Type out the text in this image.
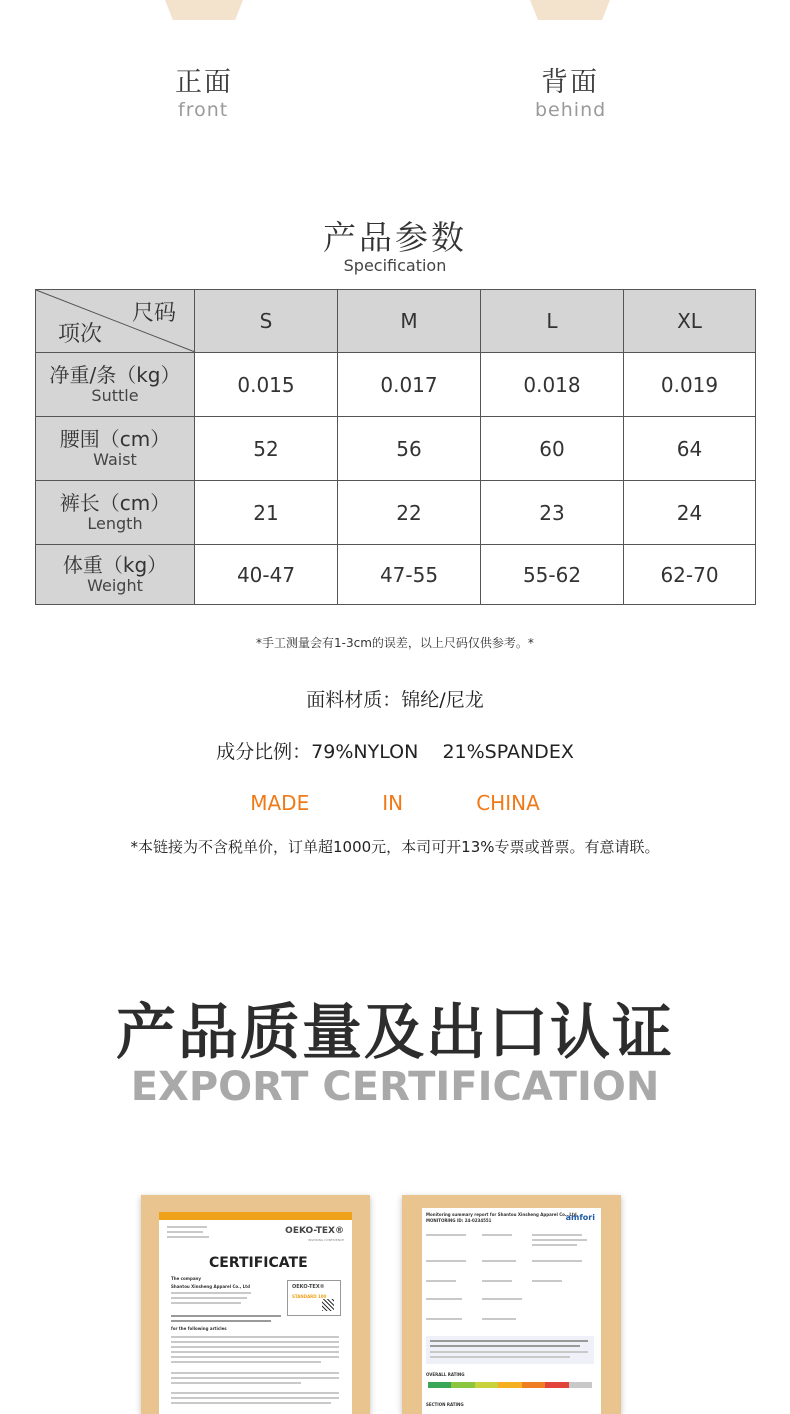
正面
front
背面
behind
产品参数
Specification
尺码
项次	S	M	L	XL

净重/条（kg）
Suttle	0.015	0.017	0.018	0.019

腰围（cm）
Waist	52	56	60	64

裤长（cm）
Length	21	22	23	24

体重（kg）
Weight	40-47	47-55	55-62	62-70
*手工测量会有1-3cm的误差，以上尺码仅供参考。*
面料材质：锦纶/尼龙
成分比例：79%NYLON    21%SPANDEX
MADE   IN   CHINA
*本链接为不含税单价，订单超1000元，本司可开13%专票或普票。有意请联。
产品质量及出口认证
EXPORT CERTIFICATION
OEKO-TEX®
INSPIRING CONFIDENCE
CERTIFICATE
The company
Shantou Xinsheng Apparel Co., Ltd	OEKO-TEX®
STANDARD 100
for the following articles
Monitoring summary report for Shantou Xinsheng Apparel Co., Ltd.
MONITORING ID: 24-0234551	amfori
OVERALL RATING
SECTION RATING
